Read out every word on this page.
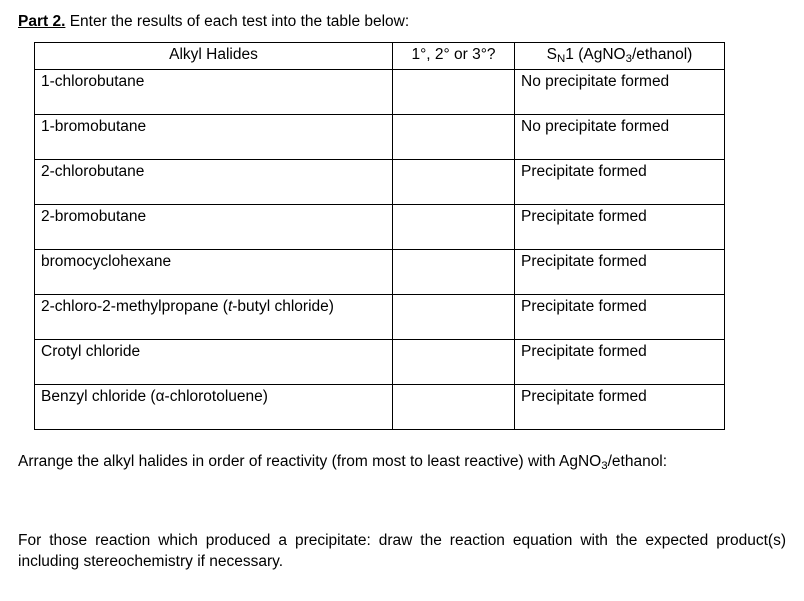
Part 2. Enter the results of each test into the table below:

Alkyl Halides	1°, 2° or 3°?	$S_N1$ (AgNO$_3$/ethanol)
1-chlorobutane		No precipitate formed
1-bromobutane		No precipitate formed
2-chlorobutane		Precipitate formed
2-bromobutane		Precipitate formed
bromocyclohexane		Precipitate formed
2-chloro-2-methylpropane (t-butyl chloride)		Precipitate formed
Crotyl chloride		Precipitate formed
Benzyl chloride (α-chlorotoluene)		Precipitate formed

Arrange the alkyl halides in order of reactivity (from most to least reactive) with AgNO$_3$/ethanol:

For those reaction which produced a precipitate: draw the reaction equation with the expected product(s) including stereochemistry if necessary.
